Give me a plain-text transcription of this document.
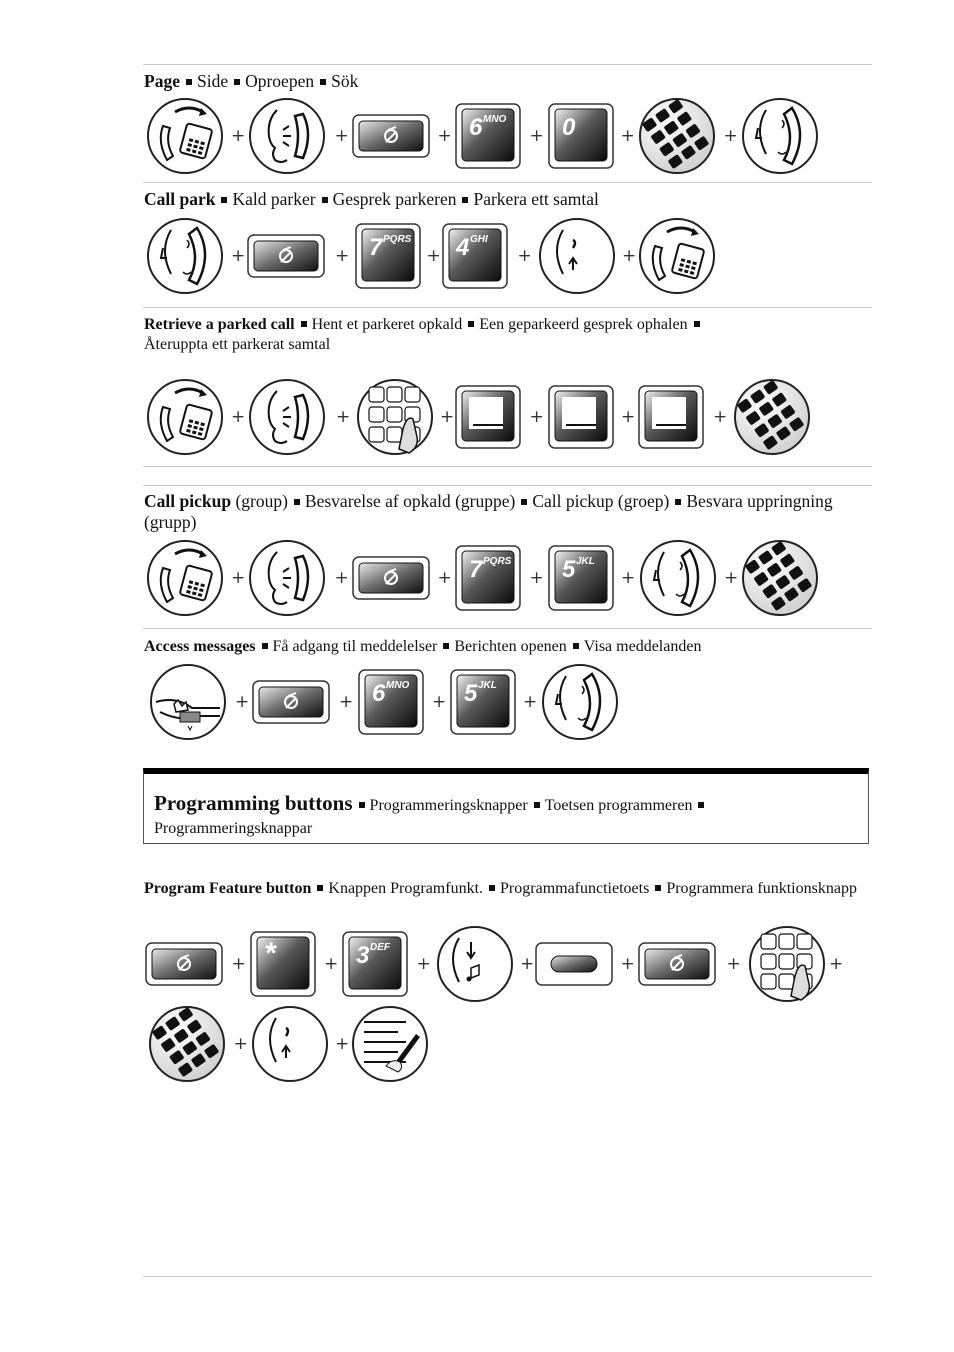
Page Side Oproepen Sök
+	+	+ 6 MNO
+ 0	+	+
Call park Kald parker Gesprek parkeren Parkera ett samtal
+	+ 7 PQRS
+ 4 GHI
+	+
Retrieve a parked call Hent et parkeret opkald Een geparkeerd gesprek ophalen
Återuppta ett parkerat samtal
+	+	+	+	+	+
Call pickup (group) Besvarelse af opkald (gruppe) Call pickup (groep) Besvara uppringning (grupp)
+	+	+ 7 PQRS
+ 5 JKL
+	+
Access messages Få adgang til meddelelser Berichten openen Visa meddelanden
+	+ 6 MNO
+ 5 JKL
+
Programming buttons Programmeringsknapper Toetsen programmeren
Programmeringsknappar
Program Feature button Knappen Programfunkt. Programmafunctietoets Programmera funktionsknapp
+ *	+ 3 DEF
+	+	+	+	+
+	+
